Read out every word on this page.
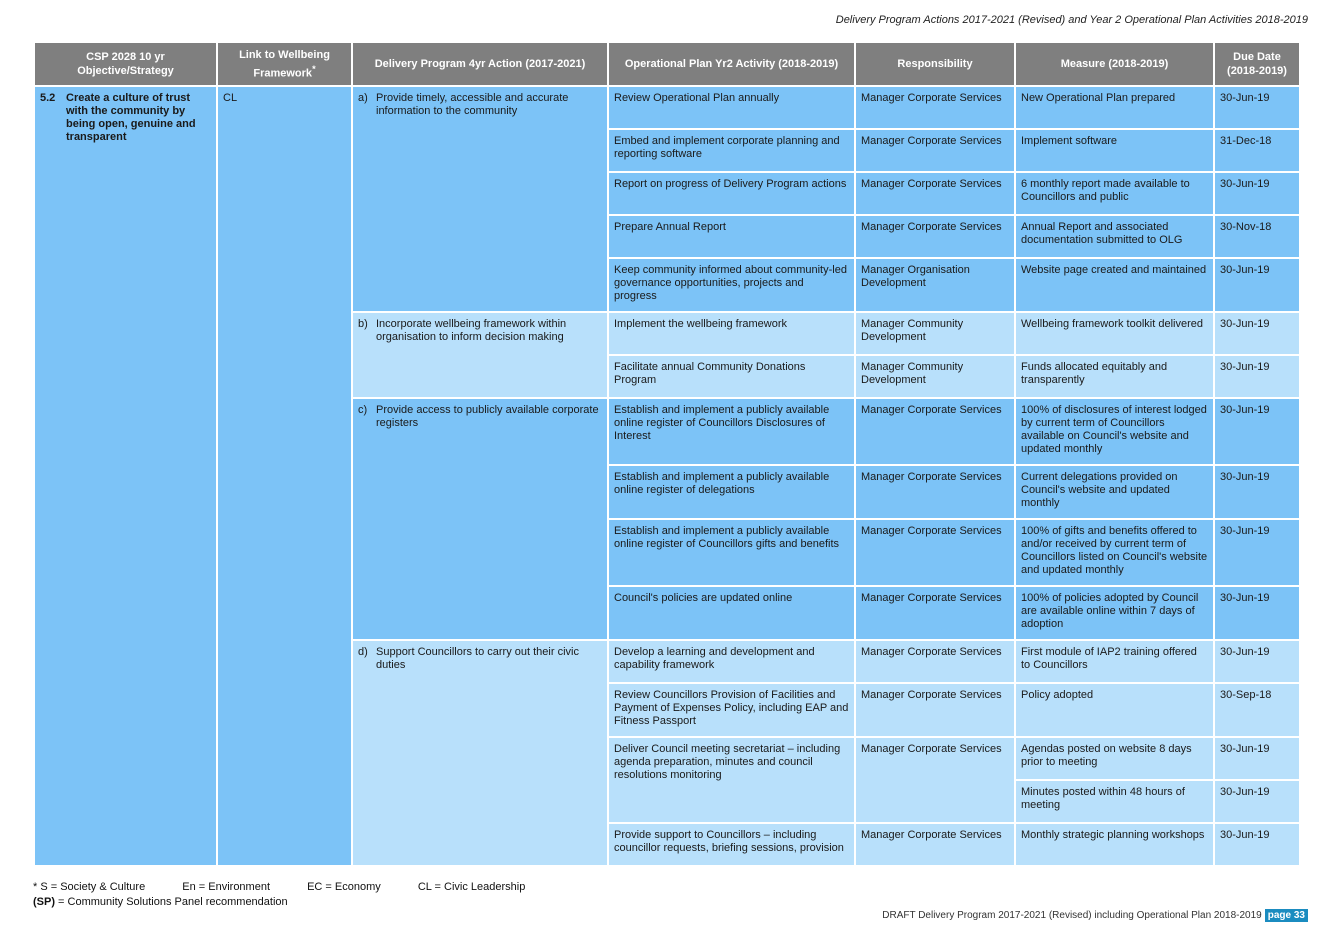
Delivery Program Actions 2017-2021 (Revised) and Year 2 Operational Plan Activities 2018-2019
CSP 2028 10 yr Objective/Strategy	Link to Wellbeing Framework*	Delivery Program 4yr Action (2017-2021)	Operational Plan Yr2 Activity (2018-2019)	Responsibility	Measure (2018-2019)	Due Date (2018-2019)

5.2 Create a culture of trust with the community by being open, genuine and transparent	CL	a) Provide timely, accessible and accurate information to the community	Review Operational Plan annually	Manager Corporate Services	New Operational Plan prepared	30-Jun-19
			Embed and implement corporate planning and reporting software	Manager Corporate Services	Implement software	31-Dec-18
			Report on progress of Delivery Program actions	Manager Corporate Services	6 monthly report made available to Councillors and public	30-Jun-19
			Prepare Annual Report	Manager Corporate Services	Annual Report and associated documentation submitted to OLG	30-Nov-18
			Keep community informed about community-led governance opportunities, projects and progress	Manager Organisation Development	Website page created and maintained	30-Jun-19

		b) Incorporate wellbeing framework within organisation to inform decision making	Implement the wellbeing framework	Manager Community Development	Wellbeing framework toolkit delivered	30-Jun-19
			Facilitate annual Community Donations Program	Manager Community Development	Funds allocated equitably and transparently	30-Jun-19

		c) Provide access to publicly available corporate registers	Establish and implement a publicly available online register of Councillors Disclosures of Interest	Manager Corporate Services	100% of disclosures of interest lodged by current term of Councillors available on Council's website and updated monthly	30-Jun-19
			Establish and implement a publicly available online register of delegations	Manager Corporate Services	Current delegations provided on Council's website and updated monthly	30-Jun-19
			Establish and implement a publicly available online register of Councillors gifts and benefits	Manager Corporate Services	100% of gifts and benefits offered to and/or received by current term of Councillors listed on Council's website and updated monthly	30-Jun-19
			Council's policies are updated online	Manager Corporate Services	100% of policies adopted by Council are available online within 7 days of adoption	30-Jun-19

		d) Support Councillors to carry out their civic duties	Develop a learning and development and capability framework	Manager Corporate Services	First module of IAP2 training offered to Councillors	30-Jun-19
			Review Councillors Provision of Facilities and Payment of Expenses Policy, including EAP and Fitness Passport	Manager Corporate Services	Policy adopted	30-Sep-18
			Deliver Council meeting secretariat – including agenda preparation, minutes and council resolutions monitoring	Manager Corporate Services	Agendas posted on website 8 days prior to meeting	30-Jun-19
					Minutes posted within 48 hours of meeting	30-Jun-19
			Provide support to Councillors – including councillor requests, briefing sessions, provision	Manager Corporate Services	Monthly strategic planning workshops	30-Jun-19
* S = Society & Culture	En = Environment	EC = Economy	CL = Civic Leadership
(SP) = Community Solutions Panel recommendation
DRAFT Delivery Program 2017-2021 (Revised) including Operational Plan 2018-2019 page 33
